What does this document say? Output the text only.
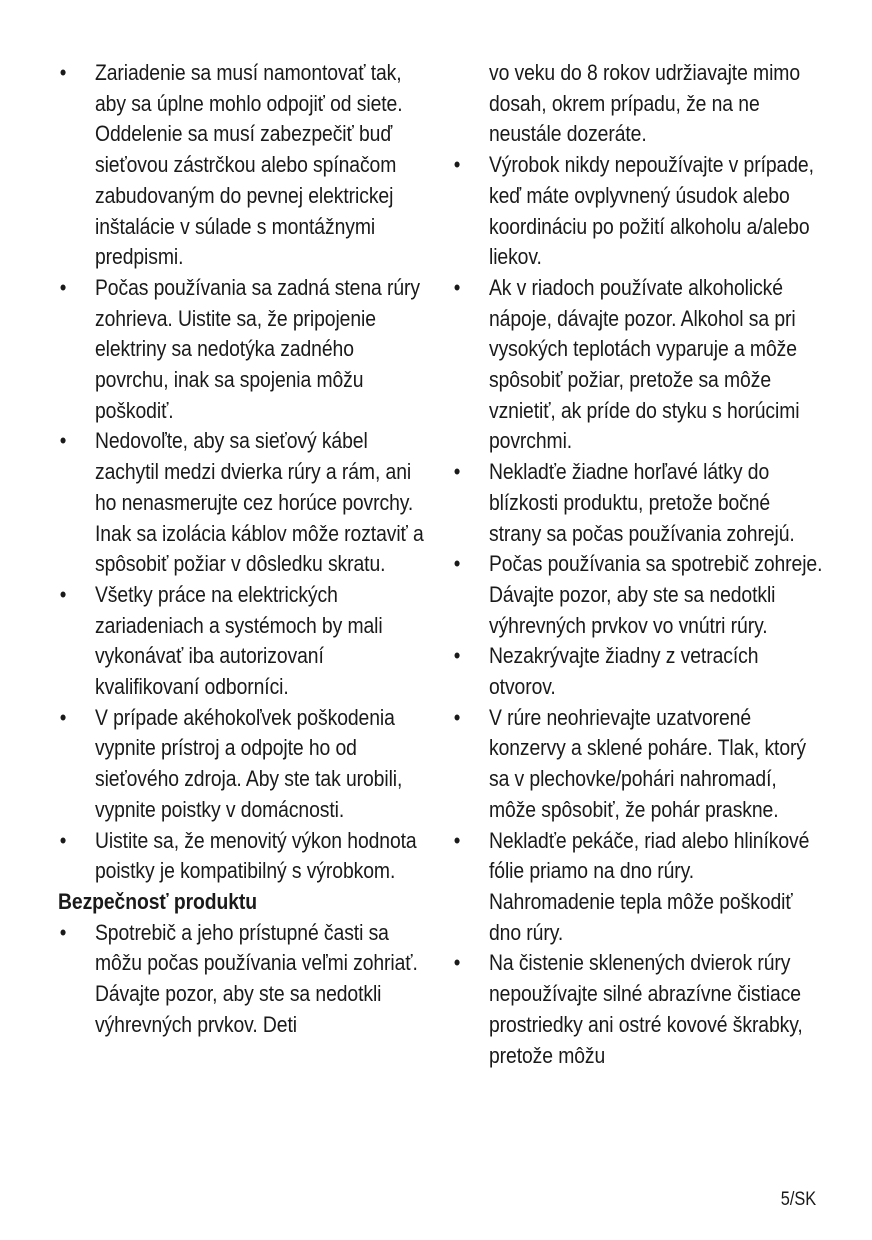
• Zariadenie sa musí namontovať tak, aby sa úplne mohlo odpojiť od siete. Oddelenie sa musí zabezpečiť buď sieťovou zástrčkou alebo spínačom zabudovaným do pevnej elektrickej inštalácie v súlade s montážnymi predpismi.
• Počas používania sa zadná stena rúry zohrieva. Uistite sa, že pripojenie elektriny sa nedotýka zadného povrchu, inak sa spojenia môžu poškodiť.
• Nedovoľte, aby sa sieťový kábel zachytil medzi dvierka rúry a rám, ani ho nenasmerujte cez horúce povrchy. Inak sa izolácia káblov môže roztaviť a spôsobiť požiar v dôsledku skratu.
• Všetky práce na elektrických zariadeniach a systémoch by mali vykonávať iba autorizovaní kvalifikovaní odborníci.
• V prípade akéhokoľvek poškodenia vypnite prístroj a odpojte ho od sieťového zdroja. Aby ste tak urobili, vypnite poistky v domácnosti.
• Uistite sa, že menovitý výkon hodnota poistky je kompatibilný s výrobkom.
Bezpečnosť produktu
• Spotrebič a jeho prístupné časti sa môžu počas používania veľmi zohriať. Dávajte pozor, aby ste sa nedotkli výhrevných prvkov. Deti
vo veku do 8 rokov udržiavajte mimo dosah, okrem prípadu, že na ne neustále dozeráte.
• Výrobok nikdy nepoužívajte v prípade, keď máte ovplyvnený úsudok alebo koordináciu po požití alkoholu a/alebo liekov.
• Ak v riadoch používate alkoholické nápoje, dávajte pozor. Alkohol sa pri vysokých teplotách vyparuje a môže spôsobiť požiar, pretože sa môže vznietiť, ak príde do styku s horúcimi povrchmi.
• Nekladťe žiadne horľavé látky do blízkosti produktu, pretože bočné strany sa počas používania zohrejú.
• Počas používania sa spotrebič zohreje. Dávajte pozor, aby ste sa nedotkli výhrevných prvkov vo vnútri rúry.
• Nezakrývajte žiadny z vetracích otvorov.
• V rúre neohrievajte uzatvorené konzervy a sklené poháre. Tlak, ktorý sa v plechovke/pohári nahromadí, môže spôsobiť, že pohár praskne.
• Nekladťe pekáče, riad alebo hliníkové fólie priamo na dno rúry. Nahromadenie tepla môže poškodiť dno rúry.
• Na čistenie sklenených dvierok rúry nepoužívajte silné abrazívne čistiace prostriedky ani ostré kovové škrabky, pretože môžu
5/SK
